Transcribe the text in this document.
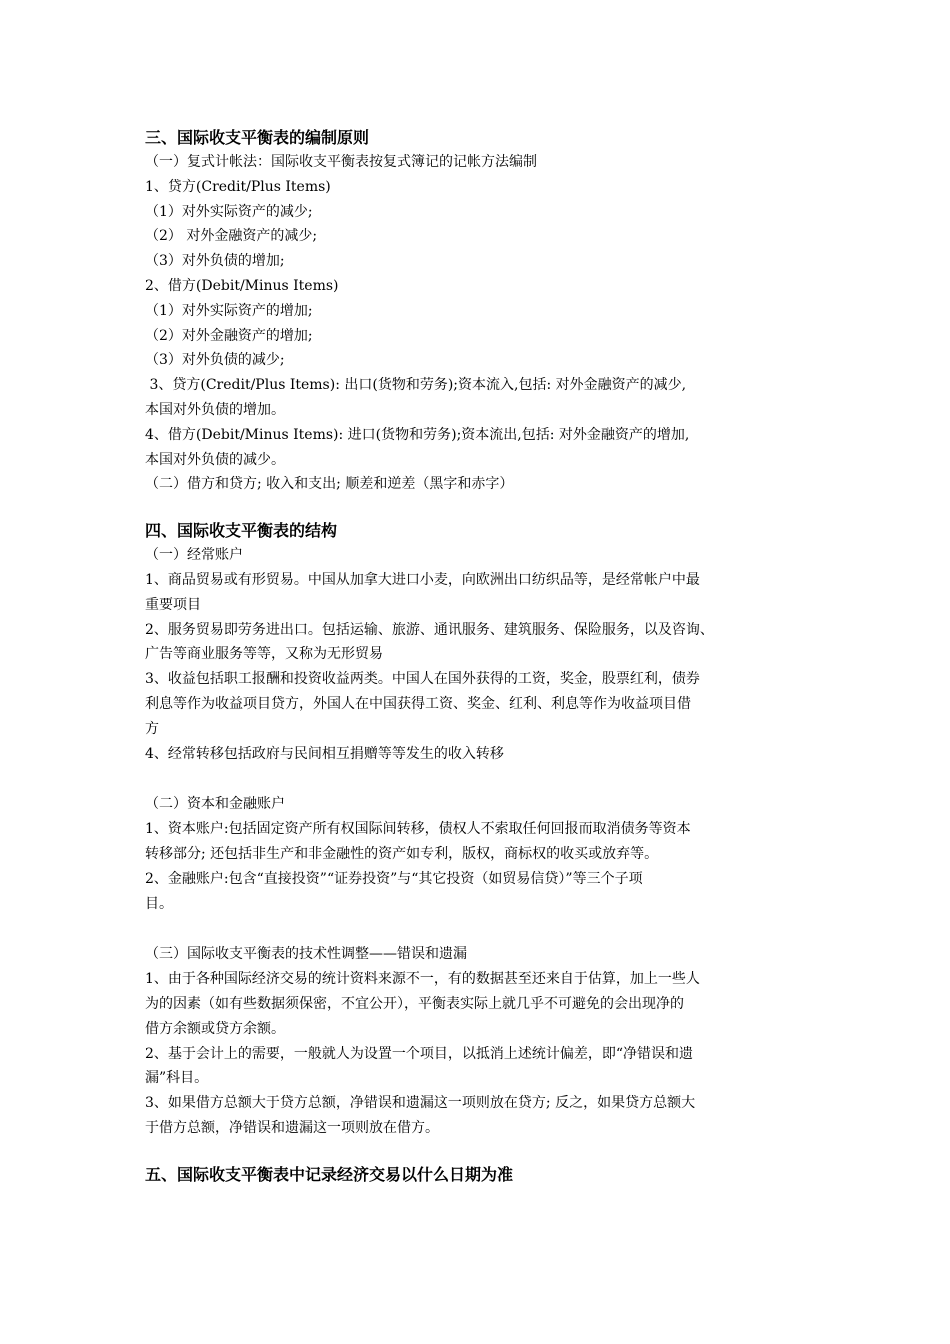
三、国际收支平衡表的编制原则

（一）复式计帐法：国际收支平衡表按复式簿记的记帐方法编制

1、贷方(Credit/Plus Items)

（1）对外实际资产的减少;

（2） 对外金融资产的减少;

（3）对外负债的增加;

2、借方(Debit/Minus Items)

（1）对外实际资产的增加;

（2）对外金融资产的增加;

（3）对外负债的减少;

3、贷方(Credit/Plus Items): 出口(货物和劳务);资本流入,包括: 对外金融资产的减少,

本国对外负债的增加。

4、借方(Debit/Minus Items): 进口(货物和劳务);资本流出,包括: 对外金融资产的增加,

本国对外负债的减少。

（二）借方和贷方; 收入和支出; 顺差和逆差（黑字和赤字）

四、国际收支平衡表的结构

（一）经常账户

1、商品贸易或有形贸易。中国从加拿大进口小麦，向欧洲出口纺织品等，是经常帐户中最

重要项目

2、服务贸易即劳务进出口。包括运输、旅游、通讯服务、建筑服务、保险服务，以及咨询、

广告等商业服务等等，又称为无形贸易

3、收益包括职工报酬和投资收益两类。中国人在国外获得的工资，奖金，股票红利，债券

利息等作为收益项目贷方，外国人在中国获得工资、奖金、红利、利息等作为收益项目借

方

4、经常转移包括政府与民间相互捐赠等等发生的收入转移

（二）资本和金融账户

1、资本账户:包括固定资产所有权国际间转移，债权人不索取任何回报而取消债务等资本

转移部分; 还包括非生产和非金融性的资产如专利，版权，商标权的收买或放弃等。

2、金融账户:包含“直接投资”“证券投资”与“其它投资（如贸易信贷）”等三个子项

目。

（三）国际收支平衡表的技术性调整——错误和遗漏

1、由于各种国际经济交易的统计资料来源不一，有的数据甚至还来自于估算，加上一些人

为的因素（如有些数据须保密，不宜公开），平衡表实际上就几乎不可避免的会出现净的

借方余额或贷方余额。

2、基于会计上的需要，一般就人为设置一个项目，以抵消上述统计偏差，即“净错误和遗

漏”科目。

3、如果借方总额大于贷方总额，净错误和遗漏这一项则放在贷方; 反之，如果贷方总额大

于借方总额，净错误和遗漏这一项则放在借方。

五、国际收支平衡表中记录经济交易以什么日期为准
